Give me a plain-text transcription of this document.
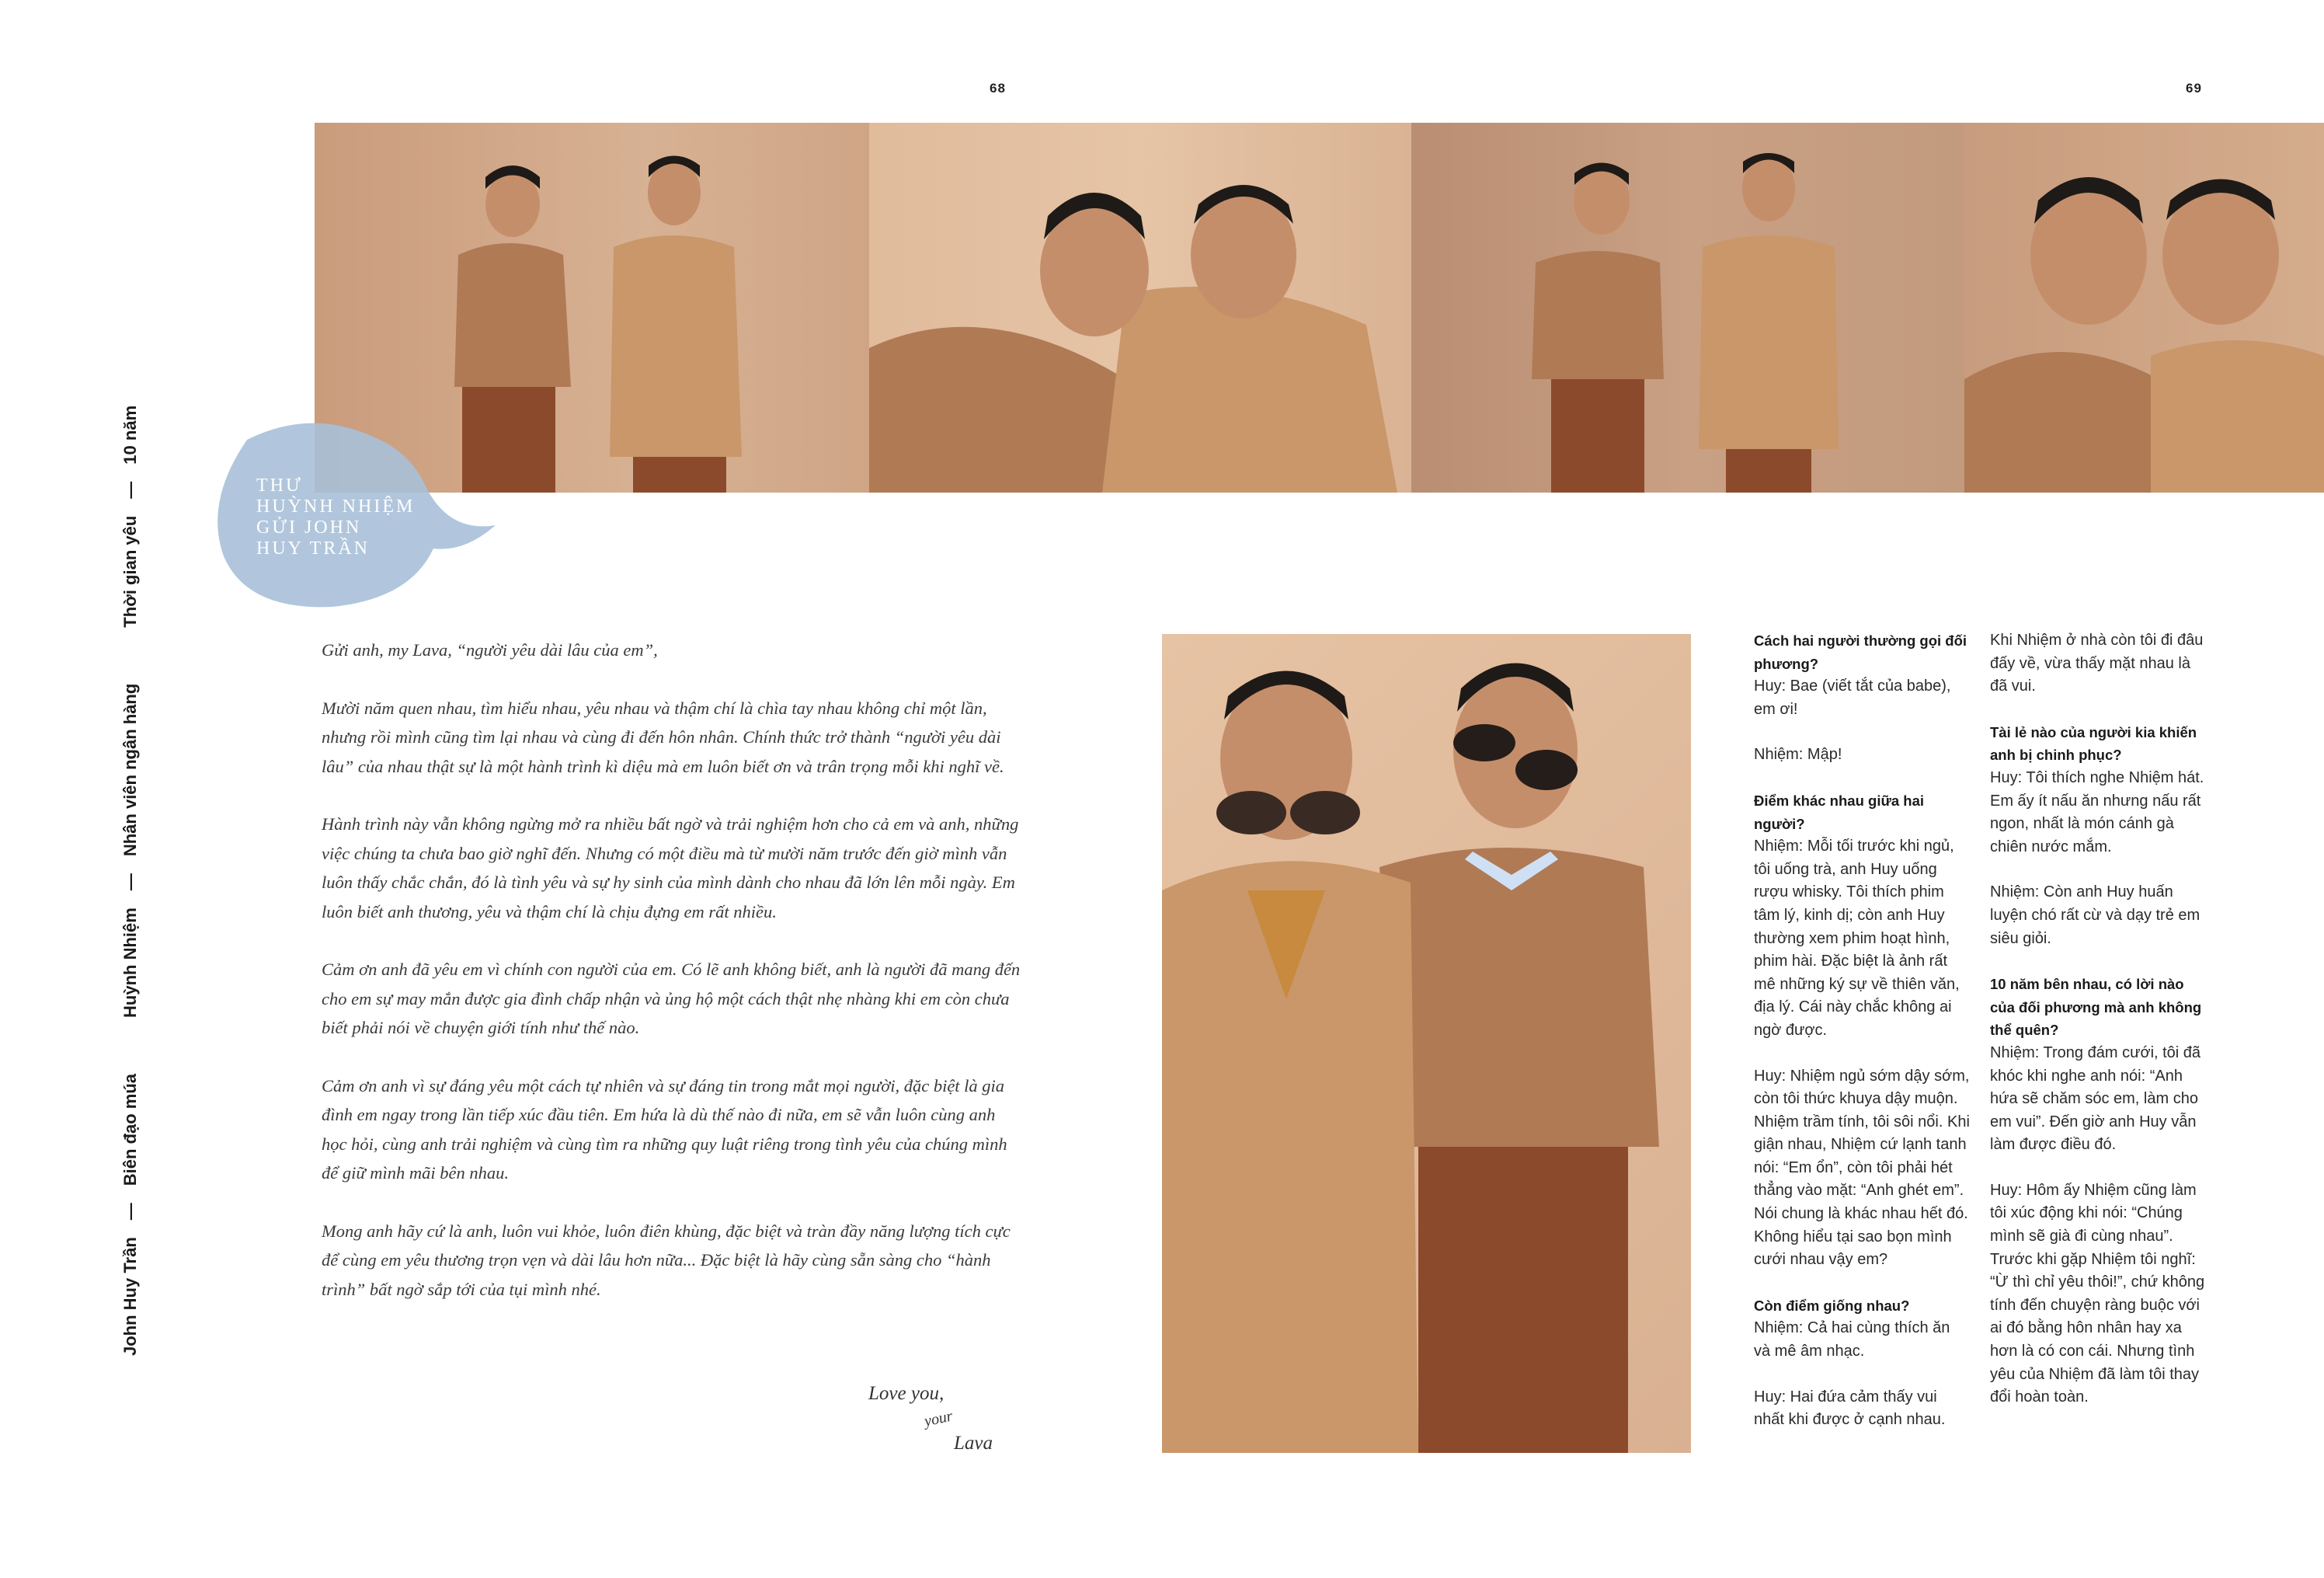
68	69
THƯ
HUỲNH NHIỆM
GỬI JOHN
HUY TRẦN
John Huy Trần
—
Biên đạo múa
Huỳnh Nhiệm
—
Nhân viên ngân hàng
Thời gian yêu
—
10 năm

Gửi anh, my Lava, “người yêu dài lâu của em”,

Mười năm quen nhau, tìm hiểu nhau, yêu nhau và thậm chí là chìa tay nhau không chỉ một lần, nhưng rồi mình cũng tìm lại nhau và cùng đi đến hôn nhân. Chính thức trở thành “người yêu dài lâu” của nhau thật sự là một hành trình kì diệu mà em luôn biết ơn và trân trọng mỗi khi nghĩ về.

Hành trình này vẫn không ngừng mở ra nhiều bất ngờ và trải nghiệm hơn cho cả em và anh, những việc chúng ta chưa bao giờ nghĩ đến. Nhưng có một điều mà từ mười năm trước đến giờ mình vẫn luôn thấy chắc chắn, đó là tình yêu và sự hy sinh của mình dành cho nhau đã lớn lên mỗi ngày. Em luôn biết anh thương, yêu và thậm chí là chịu đựng em rất nhiều.

Cảm ơn anh đã yêu em vì chính con người của em. Có lẽ anh không biết, anh là người đã mang đến cho em sự may mắn được gia đình chấp nhận và ủng hộ một cách thật nhẹ nhàng khi em còn chưa biết phải nói về chuyện giới tính như thế nào.

Cảm ơn anh vì sự đáng yêu một cách tự nhiên và sự đáng tin trong mắt mọi người, đặc biệt là gia đình em ngay trong lần tiếp xúc đầu tiên. Em hứa là dù thế nào đi nữa, em sẽ vẫn luôn cùng anh học hỏi, cùng anh trải nghiệm và cùng tìm ra những quy luật riêng trong tình yêu của chúng mình để giữ mình mãi bên nhau.

Mong anh hãy cứ là anh, luôn vui khỏe, luôn điên khùng, đặc biệt và tràn đầy năng lượng tích cực để cùng em yêu thương trọn vẹn và dài lâu hơn nữa... Đặc biệt là hãy cùng sẵn sàng cho “hành trình” bất ngờ sắp tới của tụi mình nhé.

Love you,
your
Lava

Cách hai người thường gọi đối phương?
Huy: Bae (viết tắt của babe), em ơi!

Nhiệm: Mập!

Điểm khác nhau giữa hai người?
Nhiệm: Mỗi tối trước khi ngủ, tôi uống trà, anh Huy uống rượu whisky. Tôi thích phim tâm lý, kinh dị; còn anh Huy thường xem phim hoạt hình, phim hài. Đặc biệt là ảnh rất mê những ký sự về thiên văn, địa lý. Cái này chắc không ai ngờ được.

Huy: Nhiệm ngủ sớm dậy sớm, còn tôi thức khuya dậy muộn. Nhiệm trầm tính, tôi sôi nổi. Khi giận nhau, Nhiệm cứ lạnh tanh nói: “Em ổn”, còn tôi phải hét thẳng vào mặt: “Anh ghét em”. Nói chung là khác nhau hết đó. Không hiểu tại sao bọn mình cưới nhau vậy em?

Còn điểm giống nhau?
Nhiệm: Cả hai cùng thích ăn và mê âm nhạc.

Huy: Hai đứa cảm thấy vui nhất khi được ở cạnh nhau.

Khi Nhiệm ở nhà còn tôi đi đâu đấy về, vừa thấy mặt nhau là đã vui.

Tài lẻ nào của người kia khiến anh bị chinh phục?
Huy: Tôi thích nghe Nhiệm hát. Em ấy ít nấu ăn nhưng nấu rất ngon, nhất là món cánh gà chiên nước mắm.

Nhiệm: Còn anh Huy huấn luyện chó rất cừ và dạy trẻ em siêu giỏi.

10 năm bên nhau, có lời nào của đối phương mà anh không thể quên?
Nhiệm: Trong đám cưới, tôi đã khóc khi nghe anh nói: “Anh hứa sẽ chăm sóc em, làm cho em vui”. Đến giờ anh Huy vẫn làm được điều đó.

Huy: Hôm ấy Nhiệm cũng làm tôi xúc động khi nói: “Chúng mình sẽ già đi cùng nhau”. Trước khi gặp Nhiệm tôi nghĩ: “Ừ thì chỉ yêu thôi!”, chứ không tính đến chuyện ràng buộc với ai đó bằng hôn nhân hay xa hơn là có con cái. Nhưng tình yêu của Nhiệm đã làm tôi thay đổi hoàn toàn.
